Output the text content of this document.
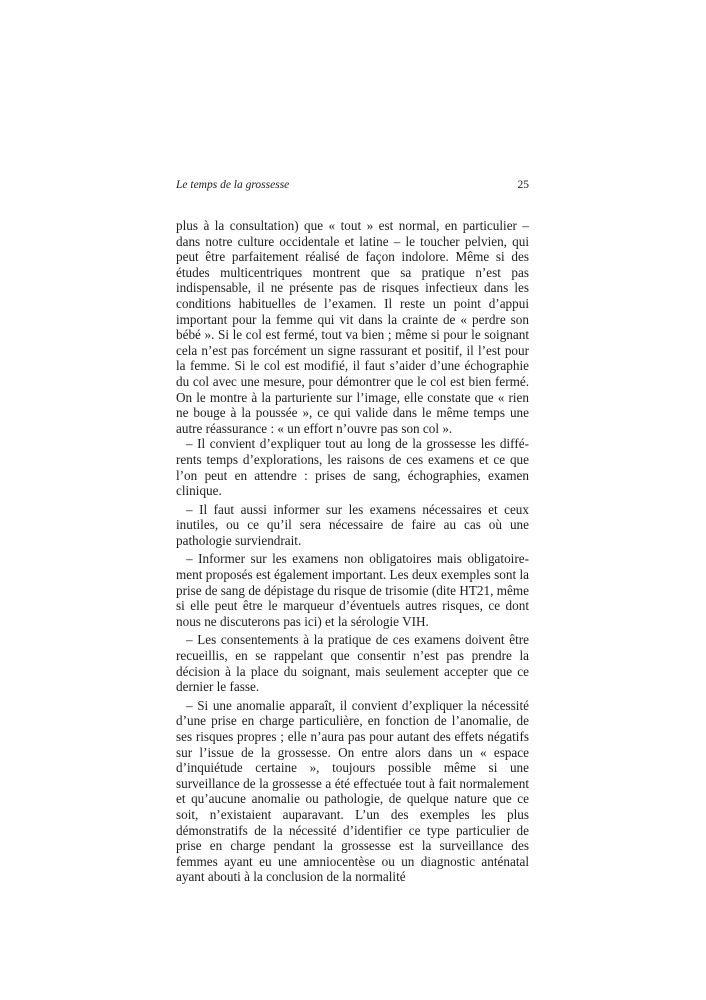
Le temps de la grossesse	25

plus à la consultation) que « tout » est normal, en particulier – dans notre culture occidentale et latine – le toucher pelvien, qui peut être parfaitement réalisé de façon indolore. Même si des études multicentriques montrent que sa pratique n’est pas indispensable, il ne présente pas de risques infectieux dans les conditions habituelles de l’examen. Il reste un point d’appui important pour la femme qui vit dans la crainte de « perdre son bébé ». Si le col est fermé, tout va bien ; même si pour le soignant cela n’est pas forcément un signe rassurant et positif, il l’est pour la femme. Si le col est modifié, il faut s’aider d’une échographie du col avec une mesure, pour démontrer que le col est bien fermé. On le montre à la parturiente sur l’image, elle constate que « rien ne bouge à la poussée », ce qui valide dans le même temps une autre réassurance : « un effort n’ouvre pas son col ».

– Il convient d’expliquer tout au long de la grossesse les différents temps d’explorations, les raisons de ces examens et ce que l’on peut en attendre : prises de sang, échographies, examen clinique.

– Il faut aussi informer sur les examens nécessaires et ceux inutiles, ou ce qu’il sera nécessaire de faire au cas où une pathologie surviendrait.

– Informer sur les examens non obligatoires mais obligatoirement proposés est également important. Les deux exemples sont la prise de sang de dépistage du risque de trisomie (dite HT21, même si elle peut être le marqueur d’éventuels autres risques, ce dont nous ne discuterons pas ici) et la sérologie VIH.

– Les consentements à la pratique de ces examens doivent être recueillis, en se rappelant que consentir n’est pas prendre la décision à la place du soignant, mais seulement accepter que ce dernier le fasse.

– Si une anomalie apparaît, il convient d’expliquer la nécessité d’une prise en charge particulière, en fonction de l’anomalie, de ses risques propres ; elle n’aura pas pour autant des effets négatifs sur l’issue de la grossesse. On entre alors dans un « espace d’inquiétude certaine », toujours possible même si une surveillance de la grossesse a été effectuée tout à fait normalement et qu’aucune anomalie ou pathologie, de quelque nature que ce soit, n’existaient auparavant. L’un des exemples les plus démonstratifs de la nécessité d’identifier ce type particulier de prise en charge pendant la grossesse est la surveillance des femmes ayant eu une amniocentèse ou un diagnostic anténatal ayant abouti à la conclusion de la normalité
